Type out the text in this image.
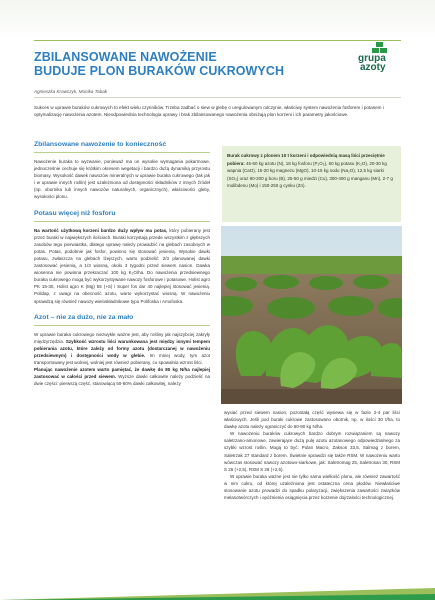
ZBILANSOWANE NAWOŻENIE
BUDUJE PLON BURAKÓW CUKROWYCH
grupa
azoty
Agnieszka Krawczyk, Monika Tabak
Sukces w uprawie buraków cukrowych to efekt wielu czynników. Trzeba zadbać o siew w glebę o uregulowanym odczynie, właściwy system nawożenia fosforem i potasem i optymalizację nawożenia azotem. Nieodpowiednia technologia uprawy i brak zbilansowanego nawożenia obniżają plon korzeni i ich parametry jakościowe.
Zbilansowane nawożenie to konieczność
Nawożenie buraka to wyzwanie, ponieważ ma on wysokie wymagania pokarmowe, jednocześnie cechuje się krótkim okresem wegetacji i bardzo dużą dynamiką przyrostu biomasy. Wysokość dawek nawozów mineralnych w uprawie buraka cukrowego (tak jak i w uprawie innych roślin) jest uzależniona od dostępności składników z innych źródeł (np. obornika lub innych nawozów naturalnych, organicznych), właściwości gleby, wysokości plonu.
Potasu więcej niż fosforu
Na wartość użytkową korzeni bardzo duży wpływ ma potas, który pobierany jest przez buraki w największych ilościach. Buraki korzystają przede wszystkim z głębszych zasobów tego pierwiastka, dlatego uprawę należy prowadzić na glebach zasobnych w potas. Potas, podobnie jak fosfor, powinno się stosować jesienią. Wysokie dawki potasu, zwłaszcza na glebach lżejszych, warto podzielić: 2/3 planowanej dawki zastosować jesienią, a 1/3 wiosną, około 3 tygodni przed siewem nasion. Dawka wiosenna nie powinna przekraczać 100 kg K₂O/ha. Do nawożenia przedsiewnego buraka cukrowego mogą być wykorzystywane nawozy fosforowe i potasowe. Holist agro PK 15-30, Holist agro K (Mg) 55 (+S) i Super fos dar 40 najlepiej stosować jesienią. Polidap, z uwagi na obecność azotu, warto wykorzystać wiosną. W nawożeniu sprawdzą się również nawozy wieloskładnikowe typu Polifoska i Amofoska.
Azot – nie za dużo, nie za mało
W uprawie buraka cukrowego niezwykle ważne jest, aby rośliny jak najszybciej zakryły międzyrzędzia. Szybkość wzrostu liści warunkowana jest między innymi tempem pobierania azotu, które zależy od formy azotu (dostarczanej w nawożeniu przedsiewnym) i dostępności wody w glebie. Im mniej wody, tym azot transportowany jest wolniej, wolniej jest również pobierany, co spowalnia wzrost liści.
Planując nawożenie azotem warto pamiętać, że dawkę do 80 kg N/ha najlepiej zastosować w całości przed siewem. Wyższe dawki całkowite należy podzielić na dwie części: pierwszą część, stanowiącą 50-60% dawki całkowitej, należy
Burak cukrowy z plonem 10 t korzeni i odpowiednią masą liści przeciętnie pobiera: 45-60 kg azotu (N), 18 kg fosforu (P₂O₅), 60 kg potasu (K₂O), 20-30 kg wapnia (CaO), 15-20 kg magnezu (MgO), 10-15 kg sodu (Na₂O), 12,5 kg siarki (SO₃) oraz 80-200 g boru (B), 25-50 g miedzi (Cu), 300-400 g manganu (Mn), 2-7 g molibdenu (Mo) i 150-250 g cynku (Zn).
wysiać przed siewem nasion, pozostałą część wysiewa się w fazie 2-4 par liści właściwych. Jeśli pod buraki cukrowe zastosowano obornik, np. w ilości 30 t/ha, to dawkę azotu należy ograniczyć do 60-90 kg N/ha.
W nawożeniu buraków cukrowych bardzo dobrym rozwiązaniem są nawozy saletrzano-amonowe, zawierające dużą pulę azotu azotanowego odpowiedzialnego za szybki wzrost roślin. Mogą to być: Pulan Macro, Zakson 33,5, Salmag z borem, Saletrzak 27 standard z borem. Świetnie sprawdzi się także RSM. W nawożeniu warto wówczas stosować nawozy azotowo-siarkowe, jak: Saletromag 25, Saletrosan 30, RSM S 26 (+2,5), RSM S 28 (+2,5).
W uprawie buraka ważne jest nie tylko sama wielkość plonu, ale również zawartość w nim cukru, od której uzależniona jest ostateczna cena płodów. Niewłaściwe stosowanie azotu prowadzi do spadku polaryzacji, zwiększenia zawartości związków melasotwórczych i opóźnienia osiągnięcia przez korzenie dojrzałości technologicznej.
